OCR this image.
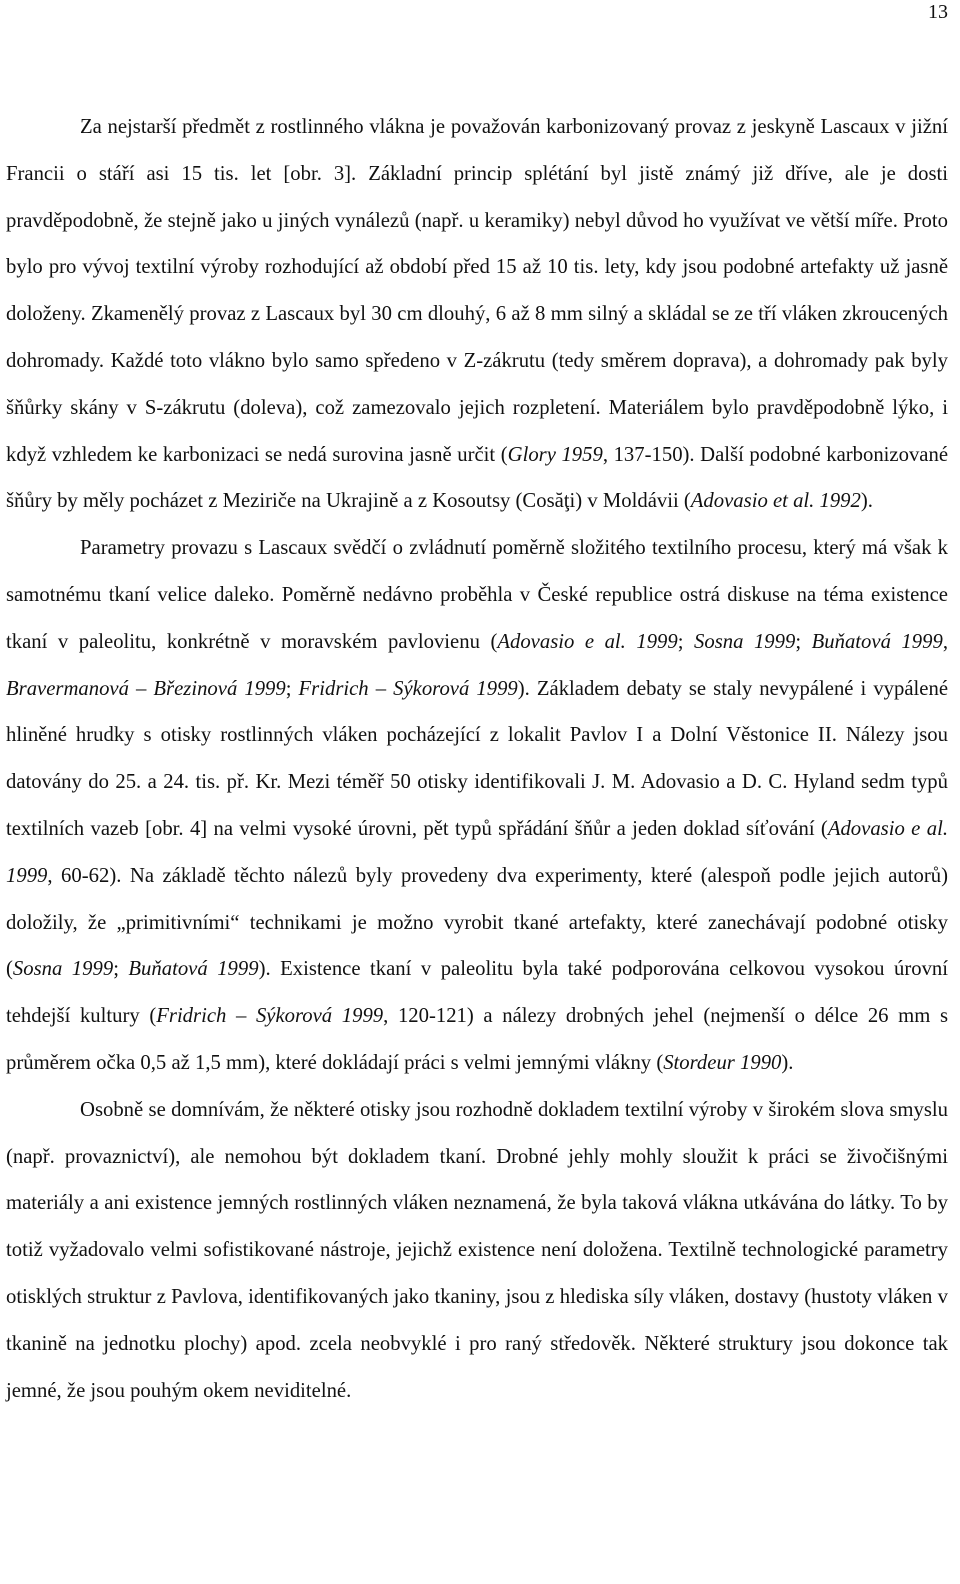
13

Za nejstarší předmět z rostlinného vlákna je považován karbonizovaný provaz z jeskyně Lascaux v jižní Francii o stáří asi 15 tis. let [obr. 3]. Základní princip splétání byl jistě známý již dříve, ale je dosti pravděpodobně, že stejně jako u jiných vynálezů (např. u keramiky) nebyl důvod ho využívat ve větší míře. Proto bylo pro vývoj textilní výroby rozhodující až období před 15 až 10 tis. lety, kdy jsou podobné artefakty už jasně doloženy. Zkamenělý provaz z Lascaux byl 30 cm dlouhý, 6 až 8 mm silný a skládal se ze tří vláken zkroucených dohromady. Každé toto vlákno bylo samo spředeno v Z-zákrutu (tedy směrem doprava), a dohromady pak byly šňůrky skány v S-zákrutu (doleva), což zamezovalo jejich rozpletení. Materiálem bylo pravděpodobně lýko, i když vzhledem ke karbonizaci se nedá surovina jasně určit (Glory 1959, 137-150). Další podobné karbonizované šňůry by měly pocházet z Meziriče na Ukrajině a z Kosoutsy (Cosăţi) v Moldávii (Adovasio et al. 1992).

Parametry provazu s Lascaux svědčí o zvládnutí poměrně složitého textilního procesu, který má však k samotnému tkaní velice daleko. Poměrně nedávno proběhla v České republice ostrá diskuse na téma existence tkaní v paleolitu, konkrétně v moravském pavlovienu (Adovasio e al. 1999; Sosna 1999; Buňatová 1999, Bravermanová – Březinová 1999; Fridrich – Sýkorová 1999). Základem debaty se staly nevypálené i vypálené hliněné hrudky s otisky rostlinných vláken pocházející z lokalit Pavlov I a Dolní Věstonice II. Nálezy jsou datovány do 25. a 24. tis. př. Kr. Mezi téměř 50 otisky identifikovali J. M. Adovasio a D. C. Hyland sedm typů textilních vazeb [obr. 4] na velmi vysoké úrovni, pět typů spřádání šňůr a jeden doklad síťování (Adovasio e al. 1999, 60-62). Na základě těchto nálezů byly provedeny dva experimenty, které (alespoň podle jejich autorů) doložily, že „primitivními“ technikami je možno vyrobit tkané artefakty, které zanechávají podobné otisky (Sosna 1999; Buňatová 1999). Existence tkaní v paleolitu byla také podporována celkovou vysokou úrovní tehdejší kultury (Fridrich – Sýkorová 1999, 120-121) a nálezy drobných jehel (nejmenší o délce 26 mm s průměrem očka 0,5 až 1,5 mm), které dokládají práci s velmi jemnými vlákny (Stordeur 1990).

Osobně se domnívám, že některé otisky jsou rozhodně dokladem textilní výroby v širokém slova smyslu (např. provaznictví), ale nemohou být dokladem tkaní. Drobné jehly mohly sloužit k práci se živočišnými materiály a ani existence jemných rostlinných vláken neznamená, že byla taková vlákna utkávána do látky. To by totiž vyžadovalo velmi sofistikované nástroje, jejichž existence není doložena. Textilně technologické parametry otisklých struktur z Pavlova, identifikovaných jako tkaniny, jsou z hlediska síly vláken, dostavy (hustoty vláken v tkanině na jednotku plochy) apod. zcela neobvyklé i pro raný středověk. Některé struktury jsou dokonce tak jemné, že jsou pouhým okem neviditelné.
